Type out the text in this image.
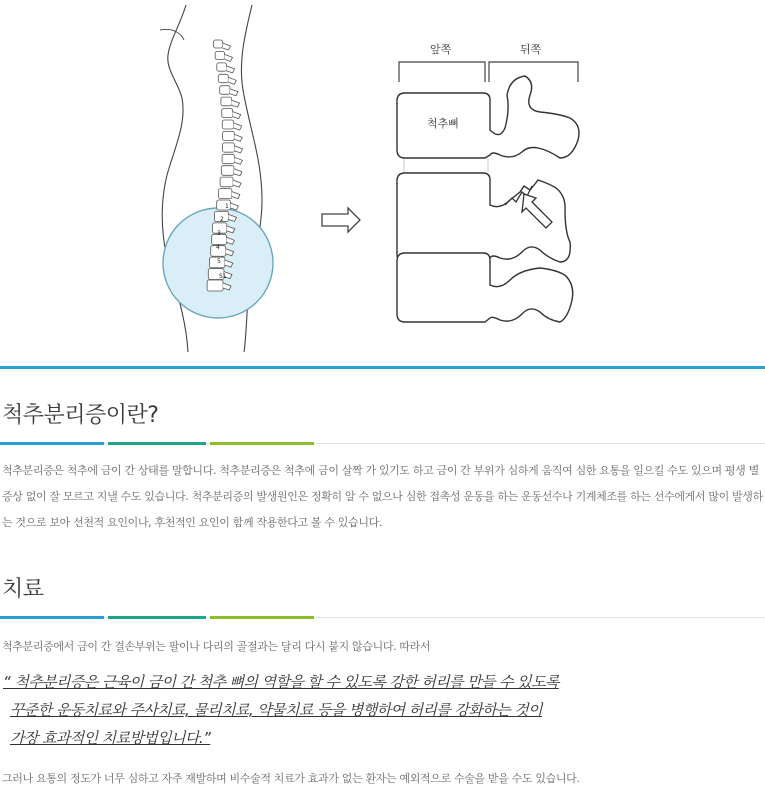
1
2
3
4
5
S1
앞쪽	뒤쪽
척추뼈
척추분리증이란?

척추분리증은 척추에 금이 간 상태를 말합니다. 척추분리증은 척추에 금이 살짝 가 있기도 하고 금이 간 부위가 심하게 움직여 심한 요통을 일으킬 수도 있으며 평생 별 증상 없이 잘 모르고 지낼 수도 있습니다. 척추분리증의 발생원인은 정확히 알 수 없으나 심한 접촉성 운동을 하는 운동선수나 기계체조를 하는 선수에게서 많이 발생하는 것으로 보아 선천적 요인이나, 후천적인 요인이 함께 작용한다고 볼 수 있습니다.

치료

척추분리증에서 금이 간 결손부위는 팔이나 다리의 골절과는 달리 다시 붙지 않습니다. 따라서

“ 척추분리증은 근육이 금이 간 척추 뼈의 역할을 할 수 있도록 강한 허리를 만들 수 있도록
꾸준한 운동치료와 주사치료, 물리치료, 약물치료 등을 병행하여 허리를 강화하는 것이
가장 효과적인 치료방법입니다.”

그러나 요통의 정도가 너무 심하고 자주 재발하며 비수술적 치료가 효과가 없는 환자는 예외적으로 수술을 받을 수도 있습니다.
